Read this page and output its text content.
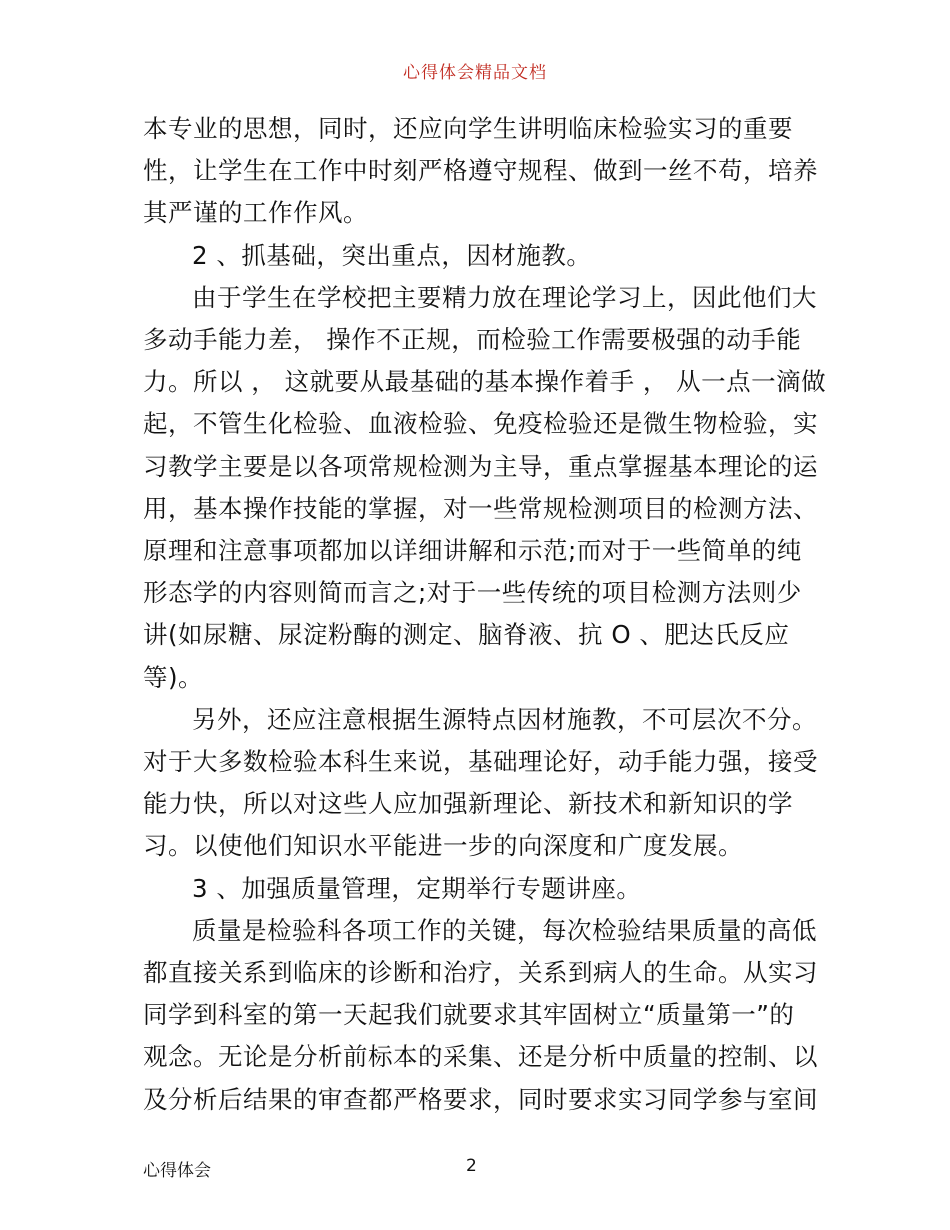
心得体会精品文档
本专业的思想，同时，还应向学生讲明临床检验实习的重要
性，让学生在工作中时刻严格遵守规程、做到一丝不苟，培养
其严谨的工作作风。
2 、抓基础，突出重点，因材施教。
由于学生在学校把主要精力放在理论学习上，因此他们大
多动手能力差， 操作不正规，而检验工作需要极强的动手能
力。所以 ， 这就要从最基础的基本操作着手 ， 从一点一滴做
起，不管生化检验、血液检验、免疫检验还是微生物检验，实
习教学主要是以各项常规检测为主导，重点掌握基本理论的运
用，基本操作技能的掌握，对一些常规检测项目的检测方法、
原理和注意事项都加以详细讲解和示范;而对于一些简单的纯
形态学的内容则简而言之;对于一些传统的项目检测方法则少
讲(如尿糖、尿淀粉酶的测定、脑脊液、抗 O 、肥达氏反应
等)。
另外，还应注意根据生源特点因材施教，不可层次不分。
对于大多数检验本科生来说，基础理论好，动手能力强，接受
能力快，所以对这些人应加强新理论、新技术和新知识的学
习。以使他们知识水平能进一步的向深度和广度发展。
3 、加强质量管理，定期举行专题讲座。
质量是检验科各项工作的关键，每次检验结果质量的高低
都直接关系到临床的诊断和治疗，关系到病人的生命。从实习
同学到科室的第一天起我们就要求其牢固树立“质量第一”的
观念。无论是分析前标本的采集、还是分析中质量的控制、以
及分析后结果的审查都严格要求，同时要求实习同学参与室间
心得体会	2
